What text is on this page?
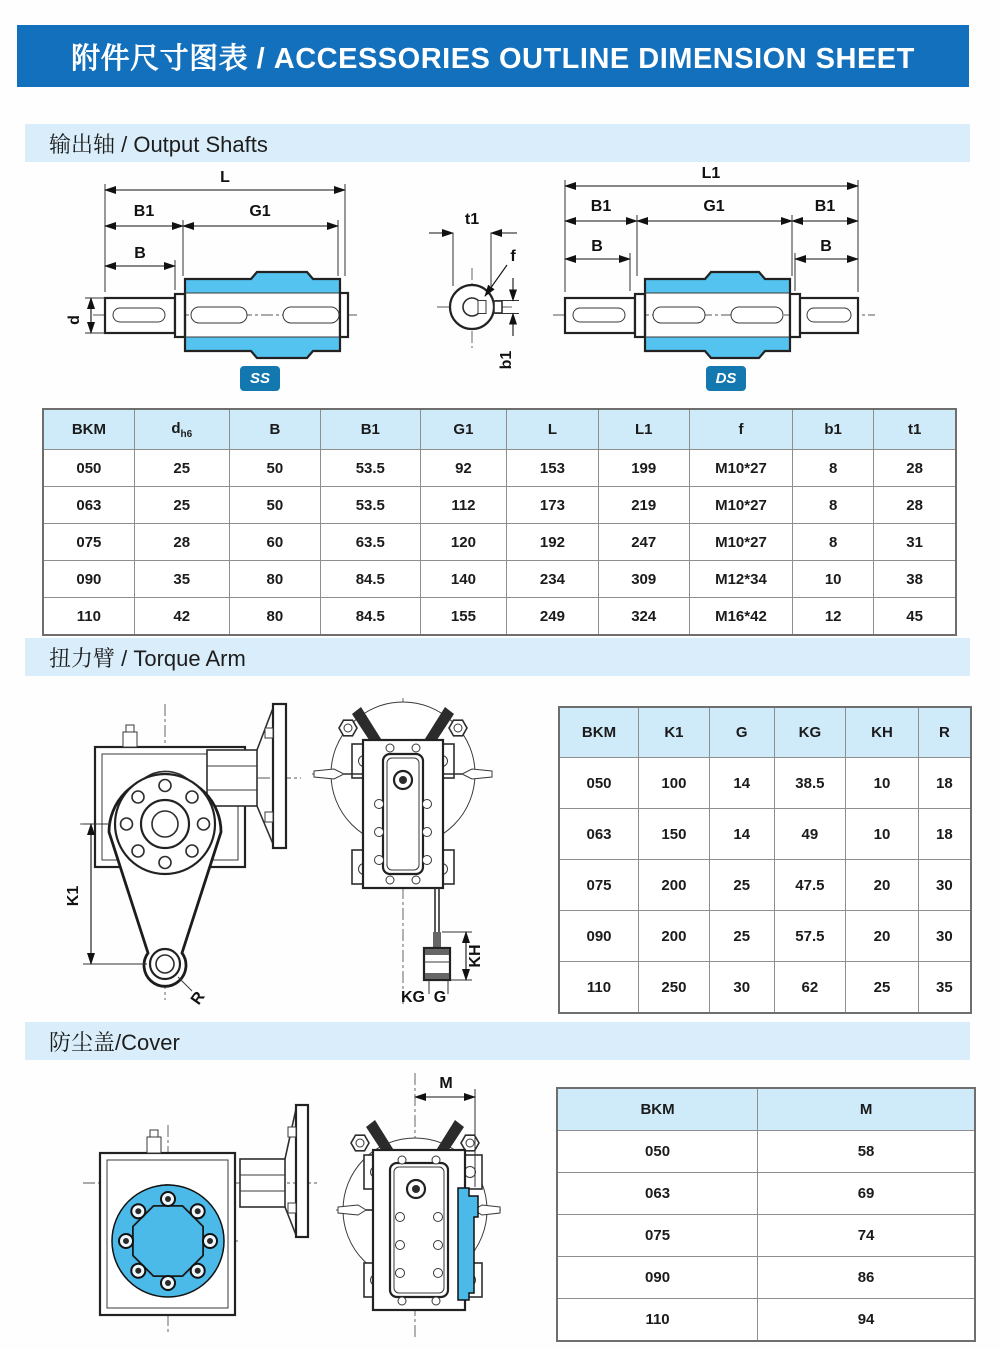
附件尺寸图表 / ACCESSORIES OUTLINE DIMENSION SHEET
输出轴 / Output Shafts
d
B
B1	G1
L
t1
f
b1
B	B
B1	G1	B1
L1
SS	DS
BKM	$d_{h6}$	B	B1	G1	L	L1	f	b1	t1
050	25	50	53.5	92	153	199	M10*27	8	28
063	25	50	53.5	112	173	219	M10*27	8	28
075	28	60	63.5	120	192	247	M10*27	8	31
090	35	80	84.5	140	234	309	M12*34	10	38
110	42	80	84.5	155	249	324	M16*42	12	45
扭力臂 / Torque Arm
K1
R
KH
KG G
BKM	K1	G	KG	KH	R
050	100	14	38.5	10	18
063	150	14	49	10	18
075	200	25	47.5	20	30
090	200	25	57.5	20	30
110	250	30	62	25	35
防尘盖/Cover
M
BKM	M
050	58
063	69
075	74
090	86
110	94
